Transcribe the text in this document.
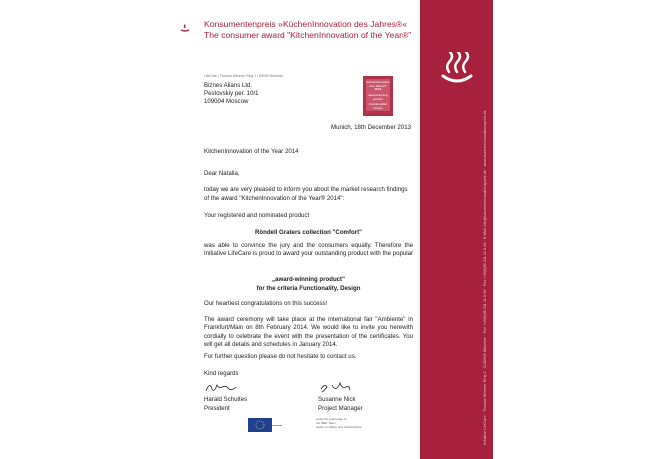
Konsumentenpreis »KüchenInnovation des Jahres®«
The consumer award "KitchenInnovation of the Year®"
LifeCare | Thomas Wimmer Ring 1 | 80539 München
KüchenInnovation
des Jahres®
2014
award-winning
product
Funktionalität
Design
Biznes Alians Ltd.
Pestovskiy per. 10/1
109004 Moscow
Munich, 18th December 2013
KitchenInnovation of the Year 2014
Dear Natalia,
today we are very pleased to inform you about the market research findings
of the award "KitchenInnovation of the Year® 2014":
Your registered and nominated product
Röndell Graters collection "Comfort"
was able to convince the jury and the consumers equally. Therefore the Initiative LifeCare is proud to award your outstanding product with the popular
„award-winning product"
for the criteria Functionality, Design
Our heartiest congratulations on this success!
The award ceremony will take place at the international fair "Ambiente" in Frankfurt/Main on 8th February 2014. We would like to invite you herewith cordially to celebrate the event with the presentation of the certificates. You will get all details and schedules in January 2014.
For further question please do not hesitate to contact us.
Kind regards
Harald Schultes
President
Susanne Nick
Project Manager
under the patronage of
the MEP Team
Gütlin von Blum and Volksschöttle	Initiative LifeCare · Thomas Wimmer Ring 1 · D-80539 München · Fon +49(0)89 211 11 6-56 · Fax +49(0)89 211 11 6-48 · E-Mail info@kuecheninnovationspreis.de · www.kuecheninnovationspreis.de
